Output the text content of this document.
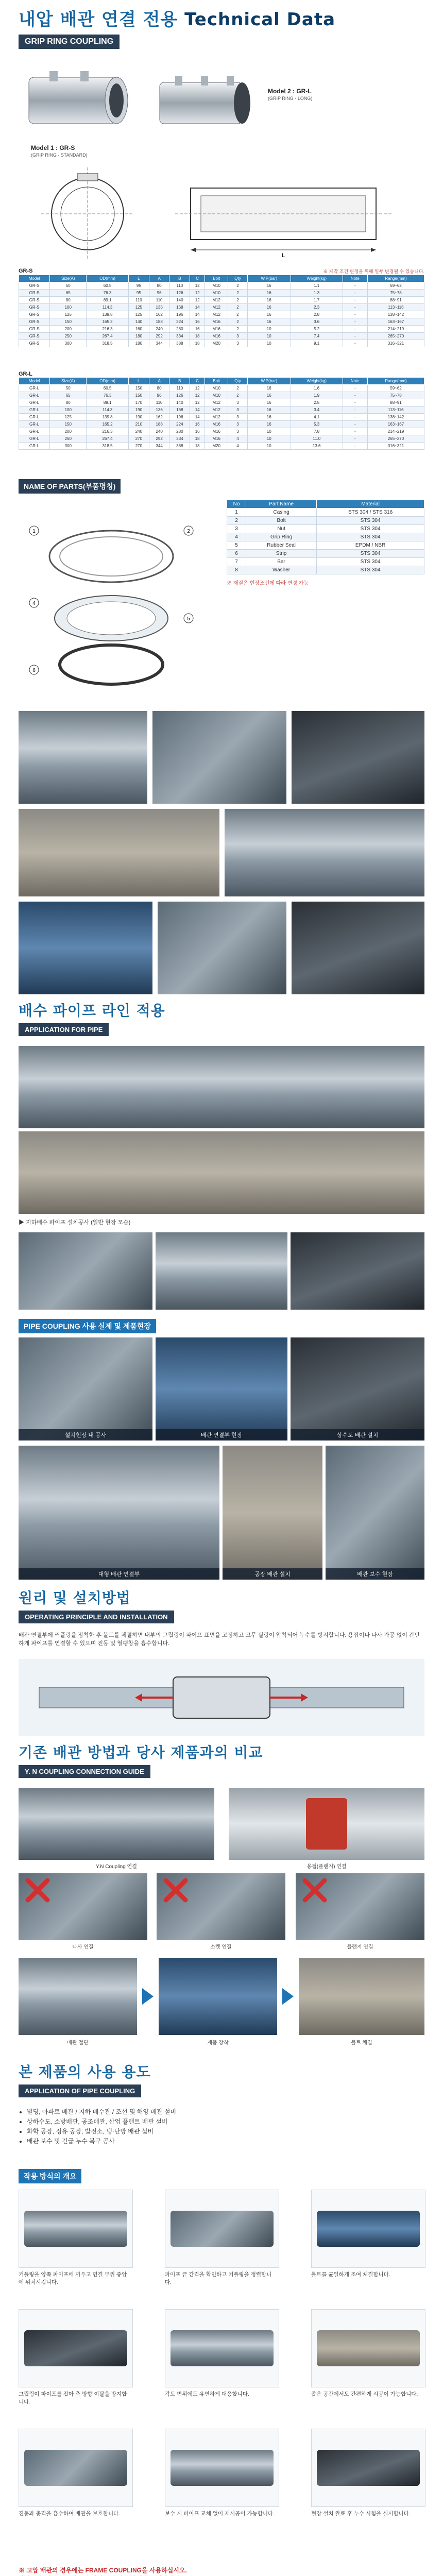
내압 배관 연결 전용 Technical Data
GRIP RING COUPLING
Model 1 : GR-S
(GRIP RING - STANDARD)
Model 2 : GR-L
(GRIP RING - LONG)
L
GR-S	※ 제작 조건 변경을 위해 일부 변경될 수 있습니다.
Model	Size(A)	OD(mm)	L	A	B	C	Bolt	Qty	W.P(bar)	Weight(kg)	Note	Range(mm)
GR-S	50	60.5	95	80	110	12	M10	2	16	1.1	-	59~62
GR-S	65	76.3	95	96	126	12	M10	2	16	1.3	-	75~78
GR-S	80	89.1	110	110	140	12	M12	2	16	1.7	-	88~91
GR-S	100	114.3	125	136	168	14	M12	2	16	2.3	-	113~116
GR-S	125	139.8	125	162	196	14	M12	2	16	2.8	-	138~142
GR-S	150	165.2	140	188	224	16	M16	2	16	3.6	-	163~167
GR-S	200	216.3	160	240	280	16	M16	2	10	5.2	-	214~219
GR-S	250	267.4	180	292	334	18	M16	3	10	7.4	-	265~270
GR-S	300	318.5	180	344	388	18	M20	3	10	9.1	-	316~321
GR-L
Model	Size(A)	OD(mm)	L	A	B	C	Bolt	Qty	W.P(bar)	Weight(kg)	Note	Range(mm)
GR-L	50	60.5	150	80	110	12	M10	2	16	1.6	-	59~62
GR-L	65	76.3	150	96	126	12	M10	2	16	1.9	-	75~78
GR-L	80	89.1	170	110	140	12	M12	3	16	2.5	-	88~91
GR-L	100	114.3	190	136	168	14	M12	3	16	3.4	-	113~116
GR-L	125	139.8	190	162	196	14	M12	3	16	4.1	-	138~142
GR-L	150	165.2	210	188	224	16	M16	3	16	5.3	-	163~167
GR-L	200	216.3	240	240	280	16	M16	3	10	7.8	-	214~219
GR-L	250	267.4	270	292	334	18	M16	4	10	11.0	-	265~270
GR-L	300	318.5	270	344	388	18	M20	4	10	13.6	-	316~321
NAME OF PARTS(부품명칭)
1	2
4
5
6
No	Part Name	Material
1	Casing	STS 304 / STS 316
2	Bolt	STS 304
3	Nut	STS 304
4	Grip Ring	STS 304
5	Rubber Seal	EPDM / NBR
6	Strip	STS 304
7	Bar	STS 304
8	Washer	STS 304
※ 재질은 현장조건에 따라 변경 가능
배수 파이프 라인 적용
APPLICATION FOR PIPE
▶ 지하배수 파이프 설치공사 (일반 현장 모습)
PIPE COUPLING 사용 실제 및 제품현장
설치현장 내 공사	배관 연결부 현장	상수도 배관 설치
대형 배관 연결부	공장 배관 설치	배관 보수 현장
원리 및 설치방법
OPERATING PRINCIPLE AND INSTALLATION
배관 연결부에 커플링을 장착한 후 볼트를 체결하면 내부의 그립링이 파이프 표면을 고정하고 고무 실링이 압착되어 누수를 방지합니다. 용접이나 나사 가공 없이 간단하게 파이프를 연결할 수 있으며 진동 및 열팽창을 흡수합니다.
기존 배관 방법과 당사 제품과의 비교
Y. N COUPLING CONNECTION GUIDE
Y.N Coupling 연결	용접(플랜지) 연결
나사 연결	소켓 연결	플랜지 연결
배관 절단	제품 장착	볼트 체결
본 제품의 사용 용도
APPLICATION OF PIPE COUPLING
• 빌딩, 아파트 배관 / 지하 배수관 / 조선 및 해양 배관 설비
• 상하수도, 소방배관, 공조배관, 산업 플랜트 배관 설비
• 화학 공장, 정유 공장, 발전소, 냉·난방 배관 설비
• 배관 보수 및 긴급 누수 복구 공사
작용 방식의 개요
커플링을 양쪽 파이프에 끼우고 연결 부위 중앙에 위치시킵니다.
파이프 끝 간격을 확인하고 커플링을 정렬합니다.
볼트를 균일하게 조여 체결합니다.
그립링이 파이프를 잡아 축 방향 이탈을 방지합니다.
각도 변위에도 유연하게 대응합니다.	좁은 공간에서도 간편하게 시공이 가능합니다.
진동과 충격을 흡수하여 배관을 보호합니다.	보수 시 파이프 교체 없이 재시공이 가능합니다.	현장 설치 완료 후 누수 시험을 실시합니다.
※ 고압 배관의 경우에는 FRAME COUPLING을 사용하십시오.
